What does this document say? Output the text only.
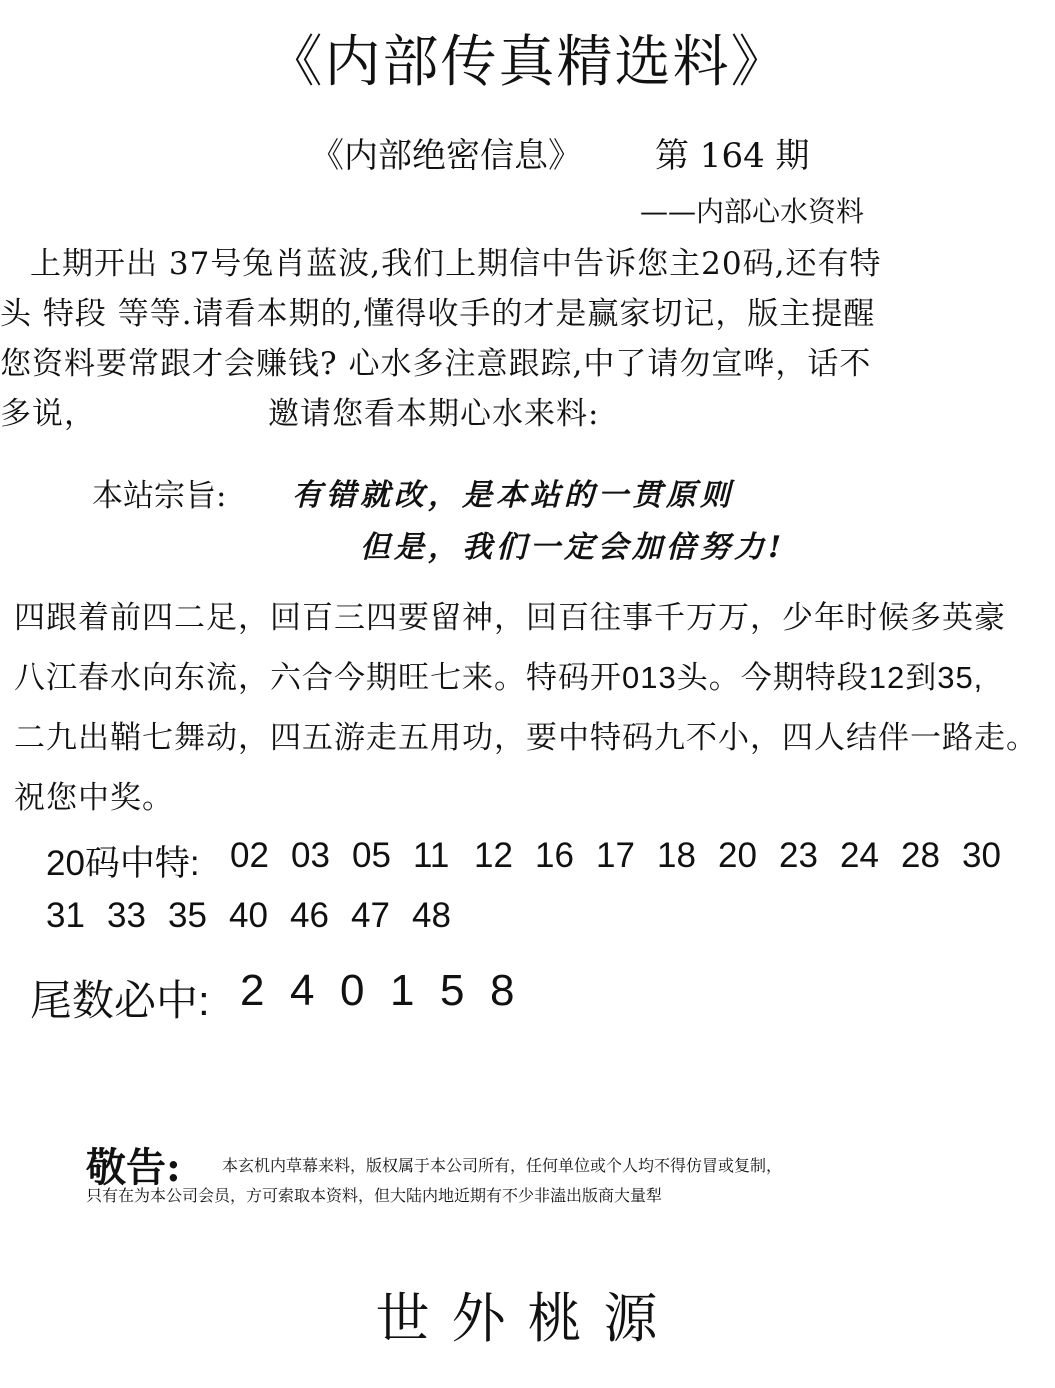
《内部传真精选料》
《内部绝密信息》 第 164 期
——内部心水资料
上期开出 37号兔肖蓝波,我们上期信中告诉您主20码,还有特
头 特段 等等.请看本期的,懂得收手的才是赢家切记，版主提醒
您资料要常跟才会赚钱? 心水多注意跟踪,中了请勿宣哗，话不
多说，	邀请您看本期心水来料:
本站宗旨: 有错就改，是本站的一贯原则
但是，我们一定会加倍努力!
四跟着前四二足，回百三四要留神，回百往事千万万，少年时候多英豪
八江春水向东流，六合今期旺七来。特码开013头。今期特段12到35,
二九出鞘七舞动，四五游走五用功，要中特码九不小，四人结伴一路走。
祝您中奖。
20码中特: 02 03 05 11 12 16 17 18 20 23 24 28 30
31 33 35 40 46 47 48
尾数必中: 2 4 0 1 5 8
敬告:	本玄机内草幕来料，版权属于本公司所有，任何单位或个人均不得仿冒或复制，
只有在为本公司会员，方可索取本资料，但大陆内地近期有不少非溘出版商大量犁
世外桃源
